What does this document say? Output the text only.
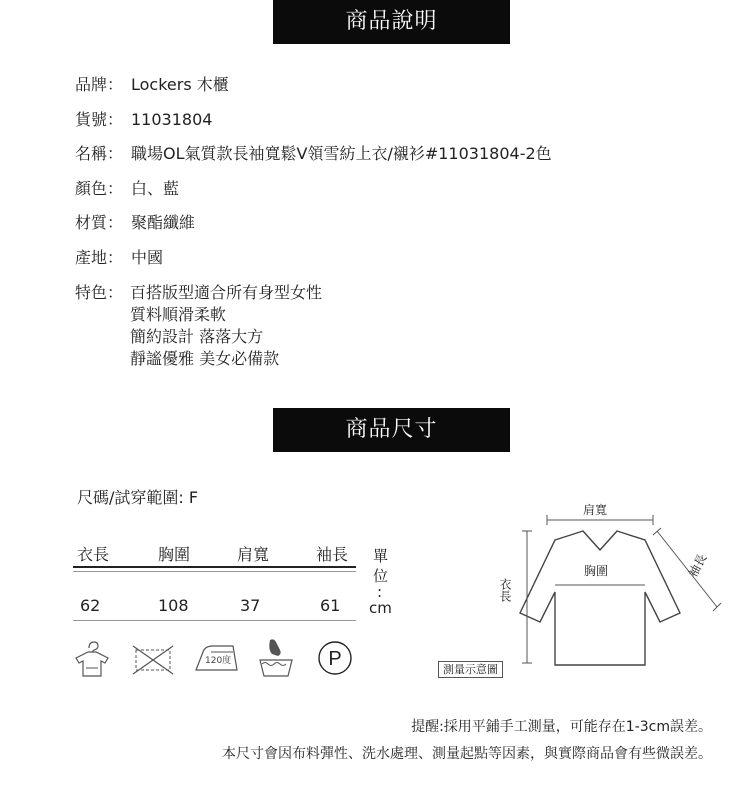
商品說明
品牌： Lockers 木櫃
貨號： 11031804
名稱： 職場OL氣質款長袖寬鬆V領雪紡上衣/襯衫#11031804-2色
顏色： 白、藍
材質： 聚酯纖維
產地： 中國
特色： 百搭版型適合所有身型女性
質料順滑柔軟
簡約設計 落落大方
靜謐優雅 美女必備款
商品尺寸
尺碼/試穿範圍: F
衣長	胸圍	肩寬	袖長
62	108	37	61
單
位
:
cm
120度	P
肩寬
胸圍
衣長
袖長
測量示意圖
提醒:採用平鋪手工測量，可能存在1-3cm誤差。
本尺寸會因布料彈性、洗水處理、測量起點等因素，與實際商品會有些微誤差。
